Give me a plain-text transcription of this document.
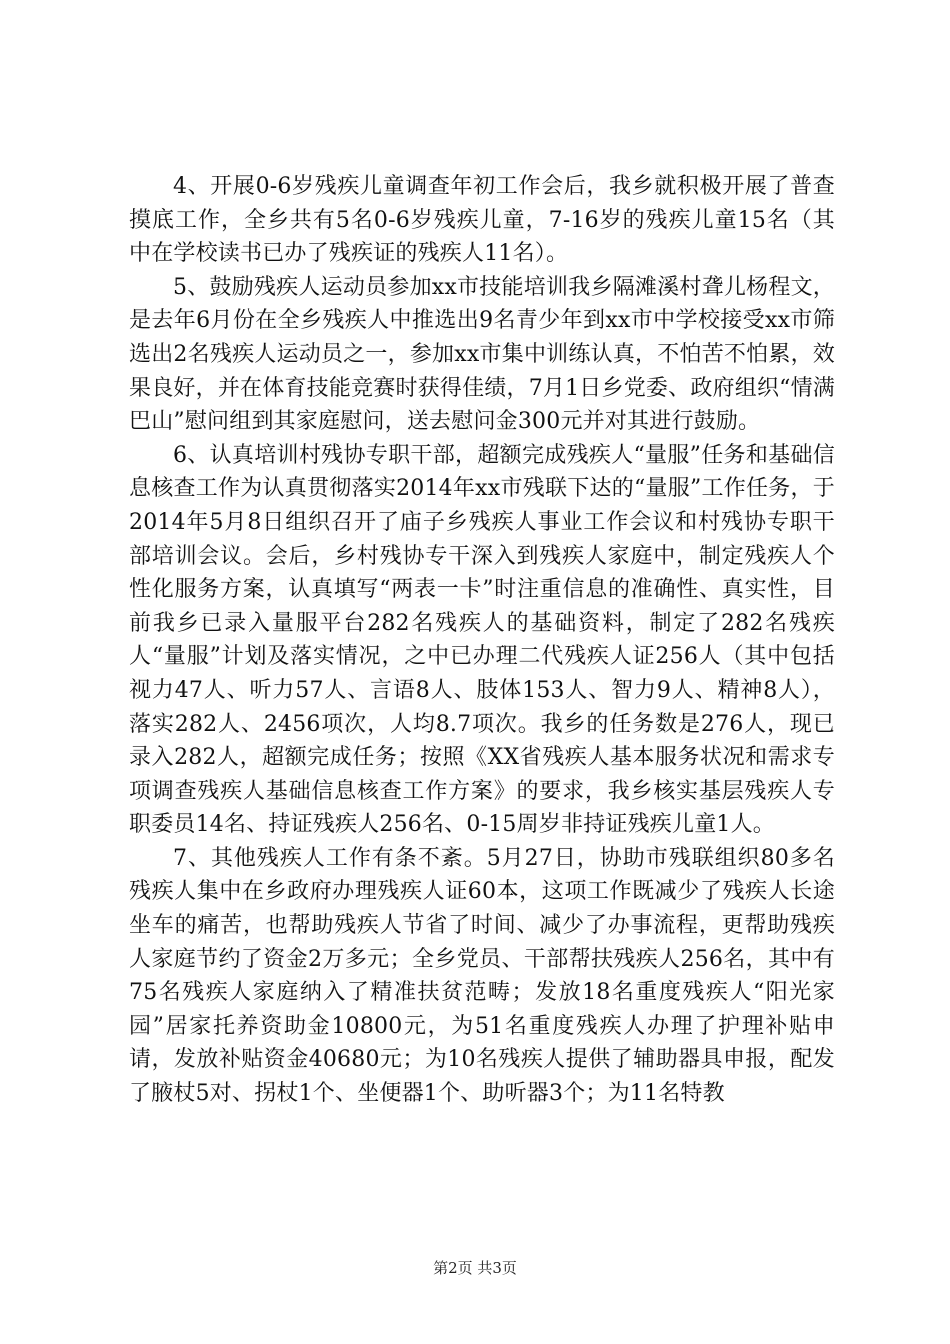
4、开展0-6岁残疾儿童调查年初工作会后，我乡就积极开展了普查摸底工作，全乡共有5名0-6岁残疾儿童，7-16岁的残疾儿童15名（其中在学校读书已办了残疾证的残疾人11名）。

5、鼓励残疾人运动员参加xx市技能培训我乡隔滩溪村聋儿杨程文，是去年6月份在全乡残疾人中推选出9名青少年到xx市中学校接受xx市筛选出2名残疾人运动员之一，参加xx市集中训练认真，不怕苦不怕累，效果良好，并在体育技能竞赛时获得佳绩，7月1日乡党委、政府组织“情满巴山”慰问组到其家庭慰问，送去慰问金300元并对其进行鼓励。

6、认真培训村残协专职干部，超额完成残疾人“量服”任务和基础信息核查工作为认真贯彻落实2014年xx市残联下达的“量服”工作任务，于2014年5月8日组织召开了庙子乡残疾人事业工作会议和村残协专职干部培训会议。会后，乡村残协专干深入到残疾人家庭中，制定残疾人个性化服务方案，认真填写“两表一卡”时注重信息的准确性、真实性，目前我乡已录入量服平台282名残疾人的基础资料，制定了282名残疾人“量服”计划及落实情况，之中已办理二代残疾人证256人（其中包括视力47人、听力57人、言语8人、肢体153人、智力9人、精神8人），落实282人、2456项次，人均8.7项次。我乡的任务数是276人，现已录入282人，超额完成任务；按照《XX省残疾人基本服务状况和需求专项调查残疾人基础信息核查工作方案》的要求，我乡核实基层残疾人专职委员14名、持证残疾人256名、0-15周岁非持证残疾儿童1人。

7、其他残疾人工作有条不紊。5月27日，协助市残联组织80多名残疾人集中在乡政府办理残疾人证60本，这项工作既减少了残疾人长途坐车的痛苦，也帮助残疾人节省了时间、减少了办事流程，更帮助残疾人家庭节约了资金2万多元；全乡党员、干部帮扶残疾人256名，其中有75名残疾人家庭纳入了精准扶贫范畴；发放18名重度残疾人“阳光家园”居家托养资助金10800元，为51名重度残疾人办理了护理补贴申请，发放补贴资金40680元；为10名残疾人提供了辅助器具申报，配发了腋杖5对、拐杖1个、坐便器1个、助听器3个；为11名特教

第2页 共3页
